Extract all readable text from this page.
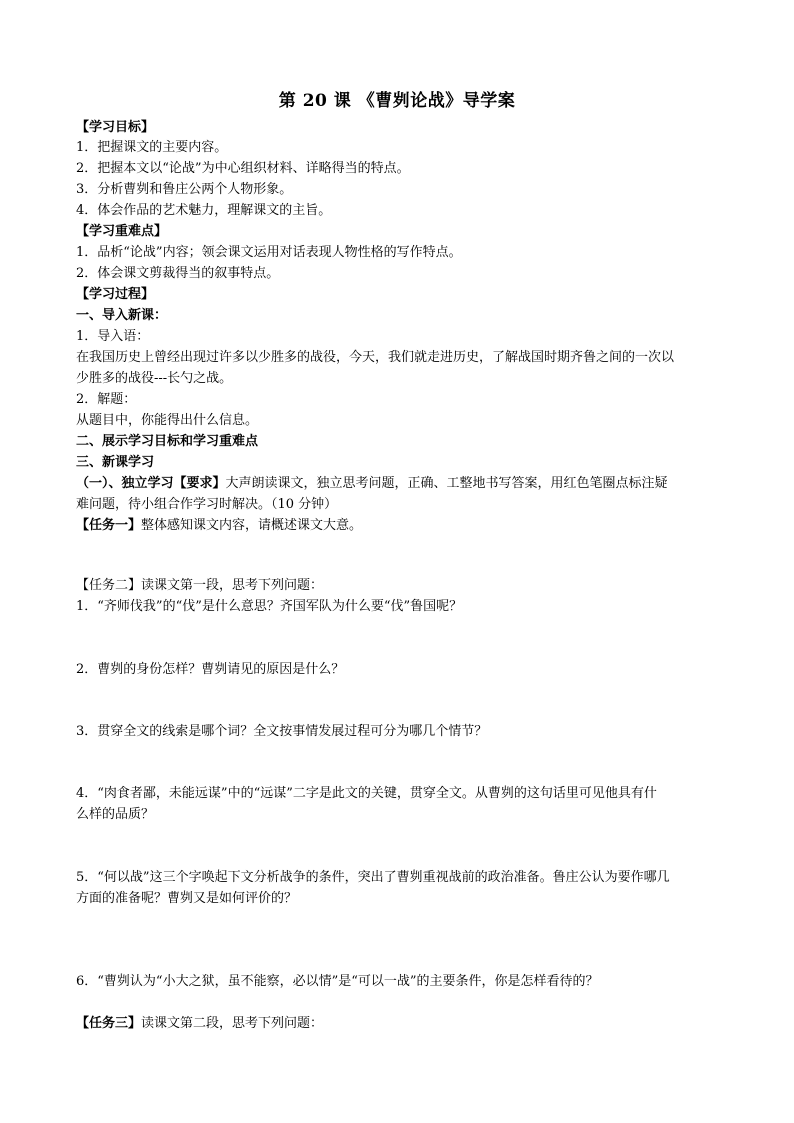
第 20 课 《曹刿论战》导学案
【学习目标】
1．把握课文的主要内容。
2．把握本文以“论战”为中心组织材料、详略得当的特点。
3．分析曹刿和鲁庄公两个人物形象。
4．体会作品的艺术魅力，理解课文的主旨。
【学习重难点】
1．品析“论战”内容；领会课文运用对话表现人物性格的写作特点。
2．体会课文剪裁得当的叙事特点。
【学习过程】
一、导入新课：
1．导入语：
在我国历史上曾经出现过许多以少胜多的战役，今天，我们就走进历史，了解战国时期齐鲁之间的一次以
少胜多的战役---长勺之战。
2．解题：
从题目中，你能得出什么信息。
二、展示学习目标和学习重难点
三、新课学习
（一）、独立学习【要求】大声朗读课文，独立思考问题，正确、工整地书写答案，用红色笔圈点标注疑
难问题，待小组合作学习时解决。（10 分钟）
【任务一】整体感知课文内容，请概述课文大意。
【任务二】读课文第一段，思考下列问题：
1．“齐师伐我”的“伐”是什么意思？齐国军队为什么要“伐”鲁国呢？
2．曹刿的身份怎样？曹刿请见的原因是什么？
3．贯穿全文的线索是哪个词？全文按事情发展过程可分为哪几个情节？
4．“肉食者鄙，未能远谋”中的“远谋”二字是此文的关键，贯穿全文。从曹刿的这句话里可见他具有什
么样的品质？
5．“何以战”这三个字唤起下文分析战争的条件，突出了曹刿重视战前的政治准备。鲁庄公认为要作哪几
方面的准备呢？曹刿又是如何评价的？
6．“曹刿认为“小大之狱，虽不能察，必以情”是“可以一战”的主要条件，你是怎样看待的？
【任务三】读课文第二段，思考下列问题：
